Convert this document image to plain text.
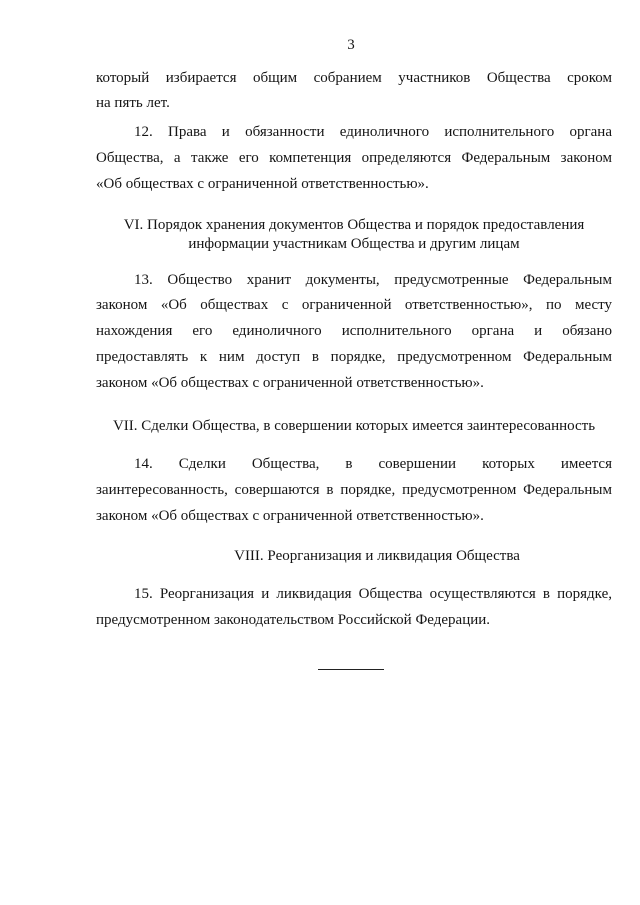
3
который избирается общим собранием участников Общества сроком
на пять лет.
12. Права и обязанности единоличного исполнительного органа
Общества, а также его компетенция определяются Федеральным законом
«Об обществах с ограниченной ответственностью».
VI. Порядок хранения документов Общества и порядок предоставления
информации участникам Общества и другим лицам
13. Общество хранит документы, предусмотренные Федеральным
законом «Об обществах с ограниченной ответственностью», по месту
нахождения его единоличного исполнительного органа и обязано
предоставлять к ним доступ в порядке, предусмотренном Федеральным
законом «Об обществах с ограниченной ответственностью».
VII. Сделки Общества, в совершении которых имеется заинтересованность
14. Сделки Общества, в совершении которых имеется
заинтересованность, совершаются в порядке, предусмотренном Федеральным
законом «Об обществах с ограниченной ответственностью».
VIII. Реорганизация и ликвидация Общества
15. Реорганизация и ликвидация Общества осуществляются в порядке,
предусмотренном законодательством Российской Федерации.
